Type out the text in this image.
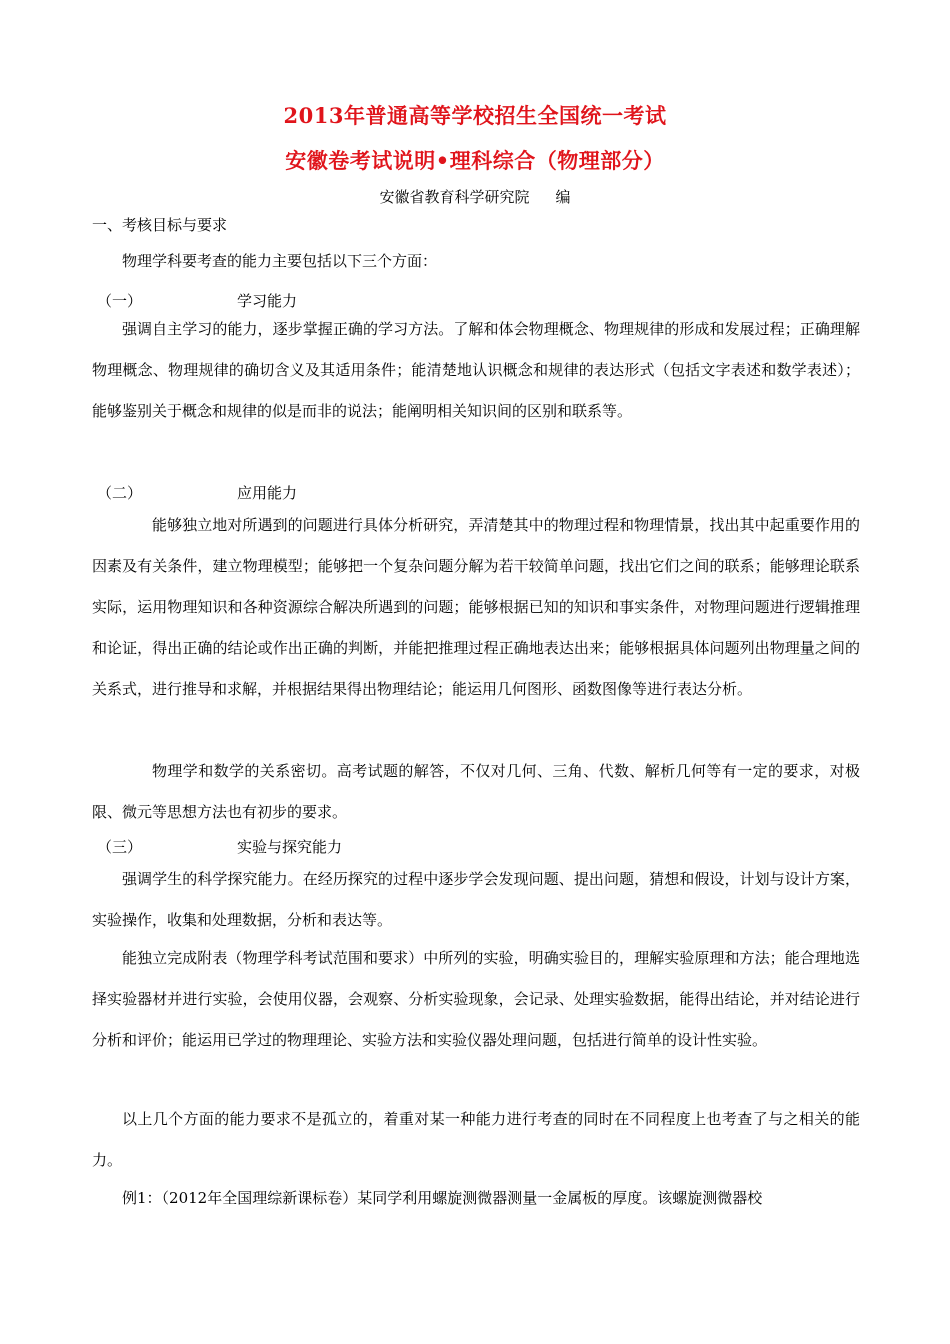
2013年普通高等学校招生全国统一考试
安徽卷考试说明•理科综合（物理部分）
安徽省教育科学研究院 编
一、考核目标与要求
物理学科要考查的能力主要包括以下三个方面：
（一）	学习能力

强调自主学习的能力，逐步掌握正确的学习方法。了解和体会物理概念、物理规律的形成和发展过程；正确理解物理概念、物理规律的确切含义及其适用条件；能清楚地认识概念和规律的表达形式（包括文字表述和数学表述）；能够鉴别关于概念和规律的似是而非的说法；能阐明相关知识间的区别和联系等。

（二）	应用能力

能够独立地对所遇到的问题进行具体分析研究，弄清楚其中的物理过程和物理情景，找出其中起重要作用的因素及有关条件，建立物理模型；能够把一个复杂问题分解为若干较简单问题，找出它们之间的联系；能够理论联系实际，运用物理知识和各种资源综合解决所遇到的问题；能够根据已知的知识和事实条件，对物理问题进行逻辑推理和论证，得出正确的结论或作出正确的判断，并能把推理过程正确地表达出来；能够根据具体问题列出物理量之间的关系式，进行推导和求解，并根据结果得出物理结论；能运用几何图形、函数图像等进行表达分析。

物理学和数学的关系密切。高考试题的解答，不仅对几何、三角、代数、解析几何等有一定的要求，对极限、微元等思想方法也有初步的要求。

（三）	实验与探究能力

强调学生的科学探究能力。在经历探究的过程中逐步学会发现问题、提出问题，猜想和假设，计划与设计方案，实验操作，收集和处理数据，分析和表达等。

能独立完成附表（物理学科考试范围和要求）中所列的实验，明确实验目的，理解实验原理和方法；能合理地选择实验器材并进行实验，会使用仪器，会观察、分析实验现象，会记录、处理实验数据，能得出结论，并对结论进行分析和评价；能运用已学过的物理理论、实验方法和实验仪器处理问题，包括进行简单的设计性实验。

以上几个方面的能力要求不是孤立的，着重对某一种能力进行考查的同时在不同程度上也考查了与之相关的能力。

例1：（2012年全国理综新课标卷）某同学利用螺旋测微器测量一金属板的厚度。该螺旋测微器校
